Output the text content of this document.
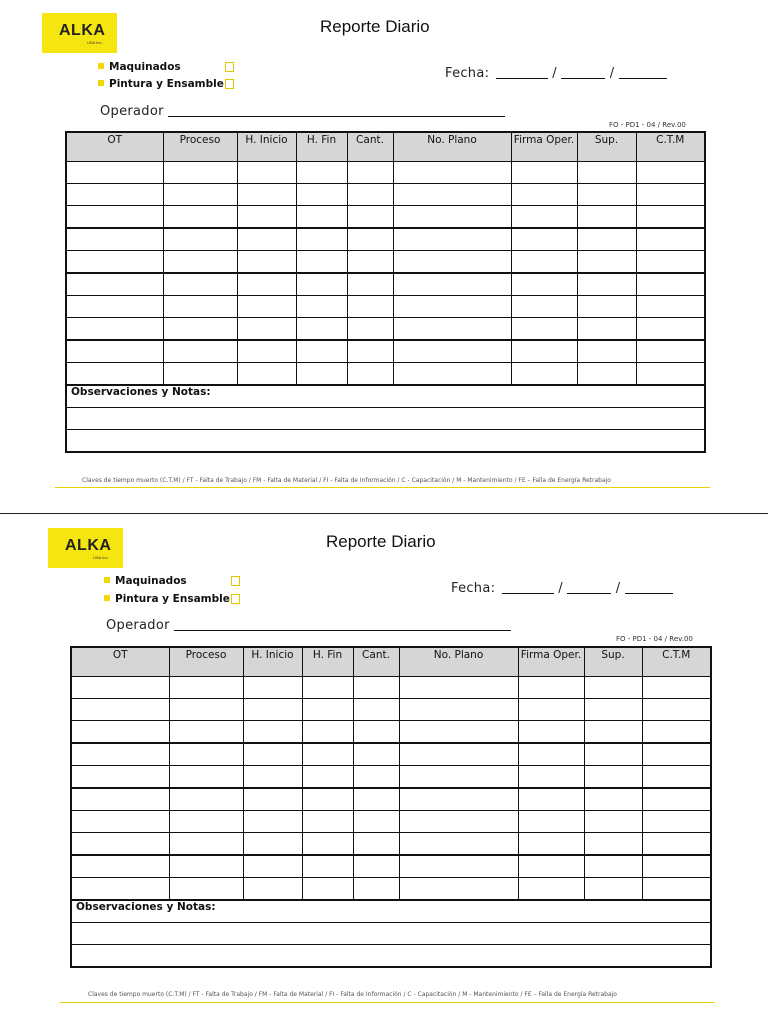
ALKA
USA Inc.
Reporte Diario
Maquinados
Pintura y Ensamble
Fecha:	/	/
Operador
FO - PD1 - 04 / Rev.00
OT	Proceso	H. Inicio	H. Fin	Cant.	No. Plano	Firma Oper.	Sup.	C.T.M

Observaciones y Notas:								

Claves de tiempo muerto (C.T.M) / FT - Falta de Trabajo / FM - Falta de Material / FI - Falta de Información / C - Capacitación / M - Mantenimiento / FE – Falla de Energía Retrabajo
ALKA
USA Inc.
Reporte Diario
Maquinados
Pintura y Ensamble
Fecha:	/	/
Operador
FO - PD1 - 04 / Rev.00
OT	Proceso	H. Inicio	H. Fin	Cant.	No. Plano	Firma Oper.	Sup.	C.T.M

Observaciones y Notas:								

Claves de tiempo muerto (C.T.M) / FT - Falta de Trabajo / FM - Falta de Material / FI - Falta de Información / C - Capacitación / M - Mantenimiento / FE – Falla de Energía Retrabajo
